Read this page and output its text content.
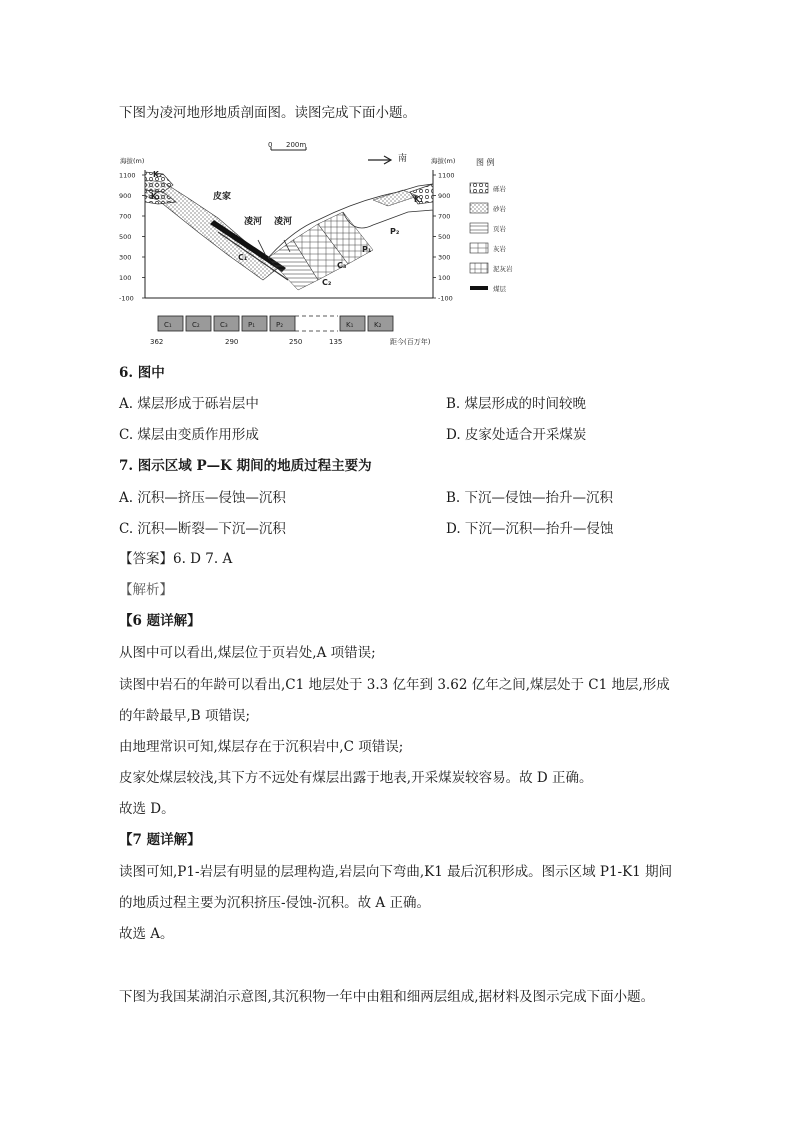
下图为凌河地形地质剖面图。读图完成下面小题。
0 200m
南
海拔(m)
1100
900
700
500
300
100
-100
海拔(m)
1100
900
700
500
300
100
-100
K₂
K₁	皮家
凌河 凌河
C₁
C₂
C₃
P₁
P₂
K₁
图 例
砾岩
砂岩
页岩
灰岩
泥灰岩
煤层
C₁	C₂	C₃	P₁	P₂	K₁	K₂
362	290	250	135	距今(百万年)
6. 图中
A. 煤层形成于砾岩层中	B. 煤层形成的时间较晚
C. 煤层由变质作用形成	D. 皮家处适合开采煤炭
7. 图示区域 P—K 期间的地质过程主要为
A. 沉积—挤压—侵蚀—沉积	B. 下沉—侵蚀—抬升—沉积
C. 沉积—断裂—下沉—沉积	D. 下沉—沉积—抬升—侵蚀
【答案】6. D 7. A
【解析】
【6 题详解】
从图中可以看出,煤层位于页岩处,A 项错误;
读图中岩石的年龄可以看出,C1 地层处于 3.3 亿年到 3.62 亿年之间,煤层处于 C1 地层,形成
的年龄最早,B 项错误;
由地理常识可知,煤层存在于沉积岩中,C 项错误;
皮家处煤层较浅,其下方不远处有煤层出露于地表,开采煤炭较容易。故 D 正确。
故选 D。
【7 题详解】
读图可知,P1-岩层有明显的层理构造,岩层向下弯曲,K1 最后沉积形成。图示区域 P1-K1 期间
的地质过程主要为沉积挤压-侵蚀-沉积。故 A 正确。
故选 A。
下图为我国某湖泊示意图,其沉积物一年中由粗和细两层组成,据材料及图示完成下面小题。
